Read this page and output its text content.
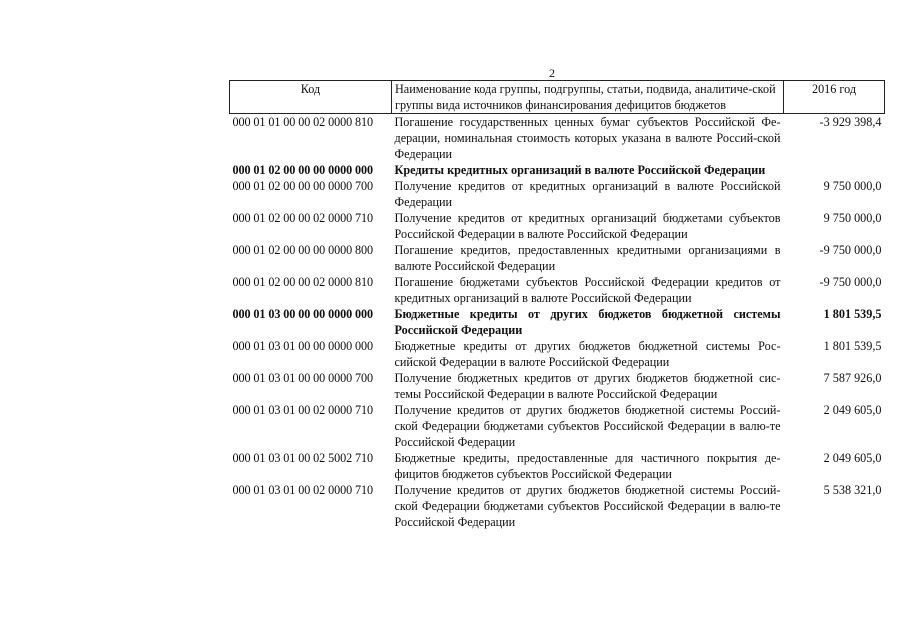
2
Код	Наименование кода группы, подгруппы, статьи, подвида, аналитиче-ской группы вида источников финансирования дефицитов бюджетов	2016 год
000 01 01 00 00 02 0000 810	Погашение государственных ценных бумаг субъектов Российской Фе-дерации, номинальная стоимость которых указана в валюте Россий-ской Федерации	-3 929 398,4
000 01 02 00 00 00 0000 000	Кредиты кредитных организаций в валюте Российской Федерации	
000 01 02 00 00 00 0000 700	Получение кредитов от кредитных организаций в валюте Российской Федерации	9 750 000,0
000 01 02 00 00 02 0000 710	Получение кредитов от кредитных организаций бюджетами субъектов Российской Федерации в валюте Российской Федерации	9 750 000,0
000 01 02 00 00 00 0000 800	Погашение кредитов, предоставленных кредитными организациями в валюте Российской Федерации	-9 750 000,0
000 01 02 00 00 02 0000 810	Погашение бюджетами субъектов Российской Федерации кредитов от кредитных организаций в валюте Российской Федерации	-9 750 000,0
000 01 03 00 00 00 0000 000	Бюджетные кредиты от других бюджетов бюджетной системы Российской Федерации	1 801 539,5
000 01 03 01 00 00 0000 000	Бюджетные кредиты от других бюджетов бюджетной системы Рос-сийской Федерации в валюте Российской Федерации	1 801 539,5
000 01 03 01 00 00 0000 700	Получение бюджетных кредитов от других бюджетов бюджетной сис-темы Российской Федерации в валюте Российской Федерации	7 587 926,0
000 01 03 01 00 02 0000 710	Получение кредитов от других бюджетов бюджетной системы Россий-ской Федерации бюджетами субъектов Российской Федерации в валю-те Российской Федерации	2 049 605,0
000 01 03 01 00 02 5002 710	Бюджетные кредиты, предоставленные для частичного покрытия де-фицитов бюджетов субъектов Российской Федерации	2 049 605,0
000 01 03 01 00 02 0000 710	Получение кредитов от других бюджетов бюджетной системы Россий-ской Федерации бюджетами субъектов Российской Федерации в валю-те Российской Федерации	5 538 321,0
